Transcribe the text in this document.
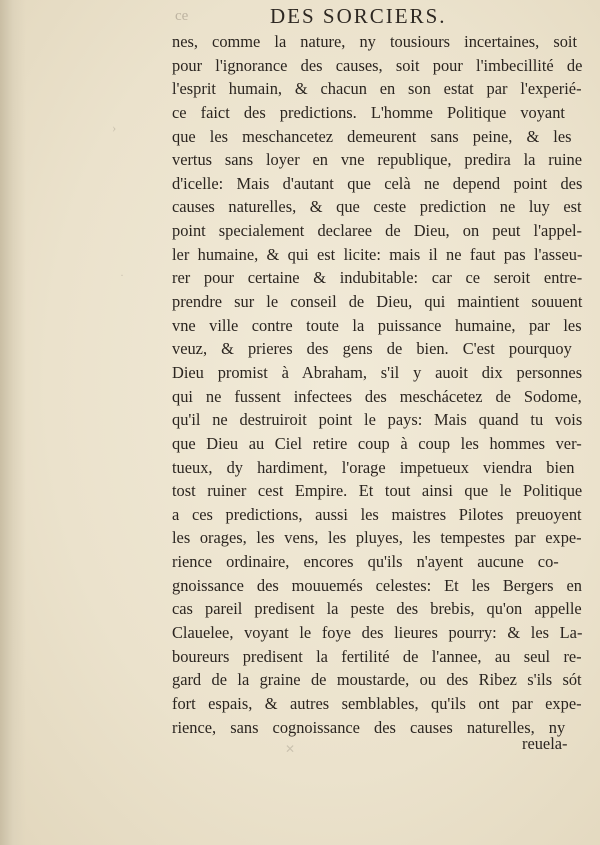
ce	DES SORCIERS.
nes, comme la nature, ny tousiours incertaines, soit
pour l'ignorance des causes, soit pour l'imbecillité de
l'esprit humain, & chacun en son estat par l'experié-
ce faict des predictions. L'homme Politique voyant
que les meschancetez demeurent sans peine, & les
vertus sans loyer en vne republique, predira la ruine
d'icelle: Mais d'autant que celà ne depend point des
causes naturelles, & que ceste prediction ne luy est
point specialement declaree de Dieu, on peut l'appel-
ler humaine, & qui est licite: mais il ne faut pas l'asseu-
rer pour certaine & indubitable: car ce seroit entre-
prendre sur le conseil de Dieu, qui maintient souuent
vne ville contre toute la puissance humaine, par les
veuz, & prieres des gens de bien. C'est pourquoy
Dieu promist à Abraham, s'il y auoit dix personnes
qui ne fussent infectees des meschácetez de Sodome,
qu'il ne destruiroit point le pays: Mais quand tu vois
que Dieu au Ciel retire coup à coup les hommes ver-
tueux, dy hardiment, l'orage impetueux viendra bien
tost ruiner cest Empire. Et tout ainsi que le Politique
a ces predictions, aussi les maistres Pilotes preuoyent
les orages, les vens, les pluyes, les tempestes par expe-
rience ordinaire, encores qu'ils n'ayent aucune co-
gnoissance des mouuemés celestes: Et les Bergers en
cas pareil predisent la peste des brebis, qu'on appelle
Clauelee, voyant le foye des lieures pourry: & les La-
boureurs predisent la fertilité de l'annee, au seul re-
gard de la graine de moustarde, ou des Ribez s'ils sót
fort espais, & autres semblables, qu'ils ont par expe-
rience, sans cognoissance des causes naturelles, ny
reuela-
›
·
✕
